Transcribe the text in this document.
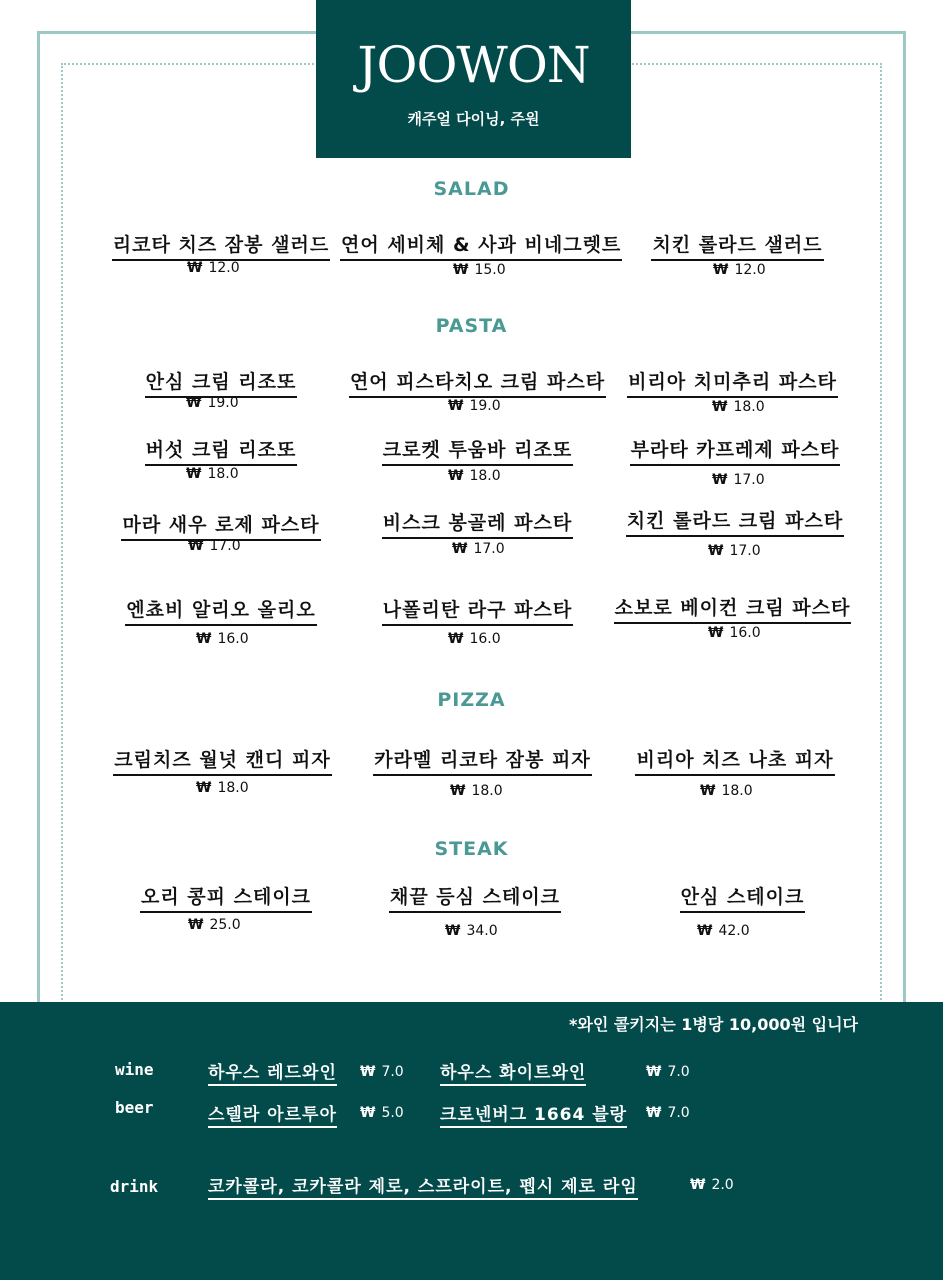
JOOWON
캐주얼 다이닝, 주원
SALAD
리코타 치즈 잠봉 샐러드
₩ 12.0
연어 세비체 & 사과 비네그렛트
₩ 15.0
치킨 롤라드 샐러드
₩ 12.0
PASTA
안심 크림 리조또
₩ 19.0
연어 피스타치오 크림 파스타
₩ 19.0
비리아 치미추리 파스타
₩ 18.0
버섯 크림 리조또
₩ 18.0
크로켓 투움바 리조또
₩ 18.0
부라타 카프레제 파스타
₩ 17.0
마라 새우 로제 파스타
₩ 17.0
비스크 봉골레 파스타
₩ 17.0
치킨 롤라드 크림 파스타
₩ 17.0
엔쵸비 알리오 올리오
₩ 16.0
나폴리탄 라구 파스타
₩ 16.0
소보로 베이컨 크림 파스타
₩ 16.0
PIZZA
크림치즈 월넛 캔디 피자
₩ 18.0
카라멜 리코타 잠봉 피자
₩ 18.0
비리아 치즈 나초 피자
₩ 18.0
STEAK
오리 콩피 스테이크
₩ 25.0
채끝 등심 스테이크
₩ 34.0
안심 스테이크
₩ 42.0
*와인 콜키지는 1병당 10,000원 입니다
wine	하우스 레드와인 ₩ 7.0 하우스 화이트와인	₩ 7.0
beer	스텔라 아르투아 ₩ 5.0 크로넨버그 1664 블랑 ₩ 7.0
drink	코카콜라, 코카콜라 제로, 스프라이트, 펩시 제로 라임	₩ 2.0
